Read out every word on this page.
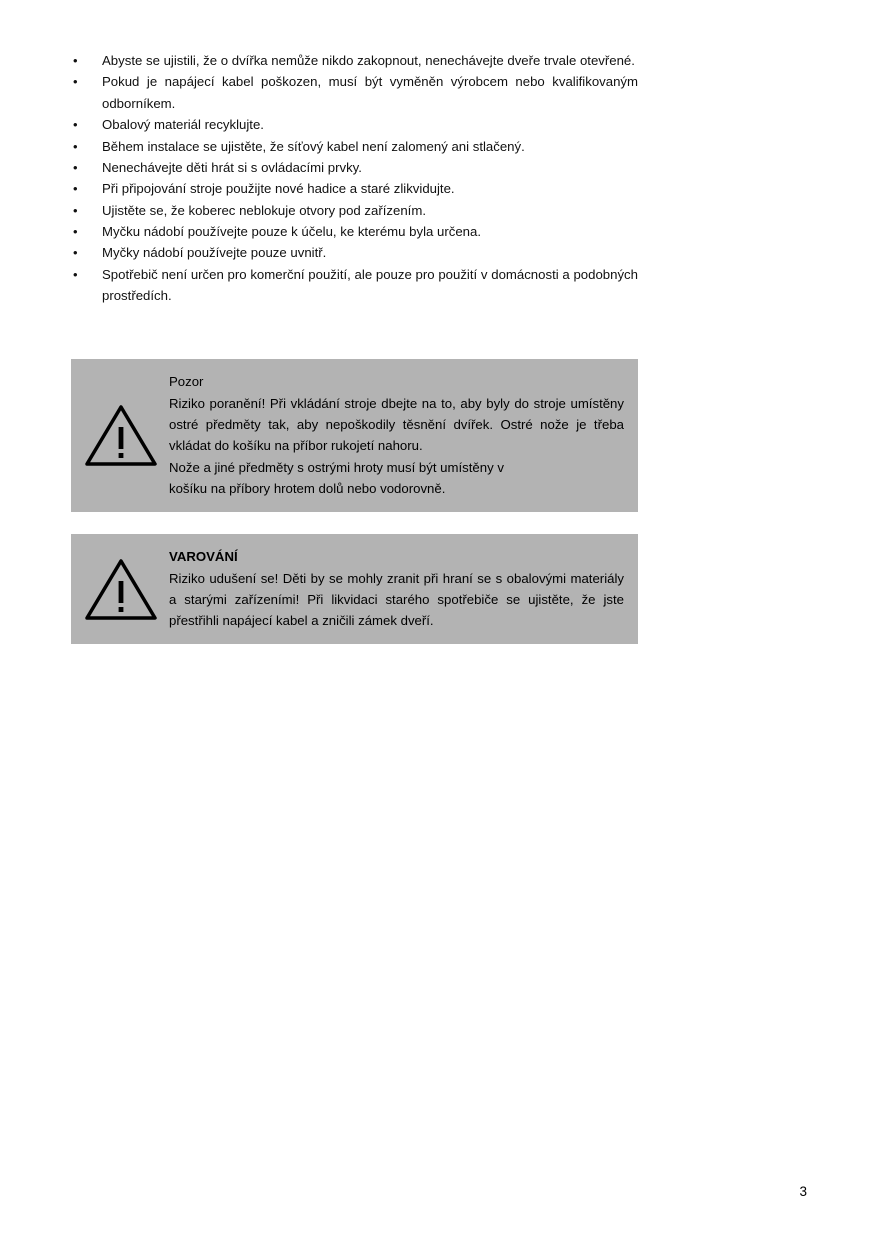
• Abyste se ujistili, že o dvířka nemůže nikdo zakopnout, nenechávejte dveře trvale otevřené.
• Pokud je napájecí kabel poškozen, musí být vyměněn výrobcem nebo kvalifikovaným odborníkem.
• Obalový materiál recyklujte.
• Během instalace se ujistěte, že síťový kabel není zalomený ani stlačený.
• Nenechávejte děti hrát si s ovládacími prvky.
• Při připojování stroje použijte nové hadice a staré zlikvidujte.
• Ujistěte se, že koberec neblokuje otvory pod zařízením.
• Myčku nádobí používejte pouze k účelu, ke kterému byla určena.
• Myčky nádobí používejte pouze uvnitř.
• Spotřebič není určen pro komerční použití, ale pouze pro použití v domácnosti a podobných prostředích.
Pozor

Riziko poranění! Při vkládání stroje dbejte na to, aby byly do stroje umístěny ostré předměty tak, aby nepoškodily těsnění dvířek. Ostré nože je třeba vkládat do košíku na příbor rukojetí nahoru.

Nože a jiné předměty s ostrými hroty musí být umístěny v

košíku na příbory hrotem dolů nebo vodorovně.

VAROVÁNÍ

Riziko udušení se! Děti by se mohly zranit při hraní se s obalovými materiály a starými zařízeními! Při likvidaci starého spotřebiče se ujistěte, že jste přestřihli napájecí kabel a zničili zámek dveří.

3
